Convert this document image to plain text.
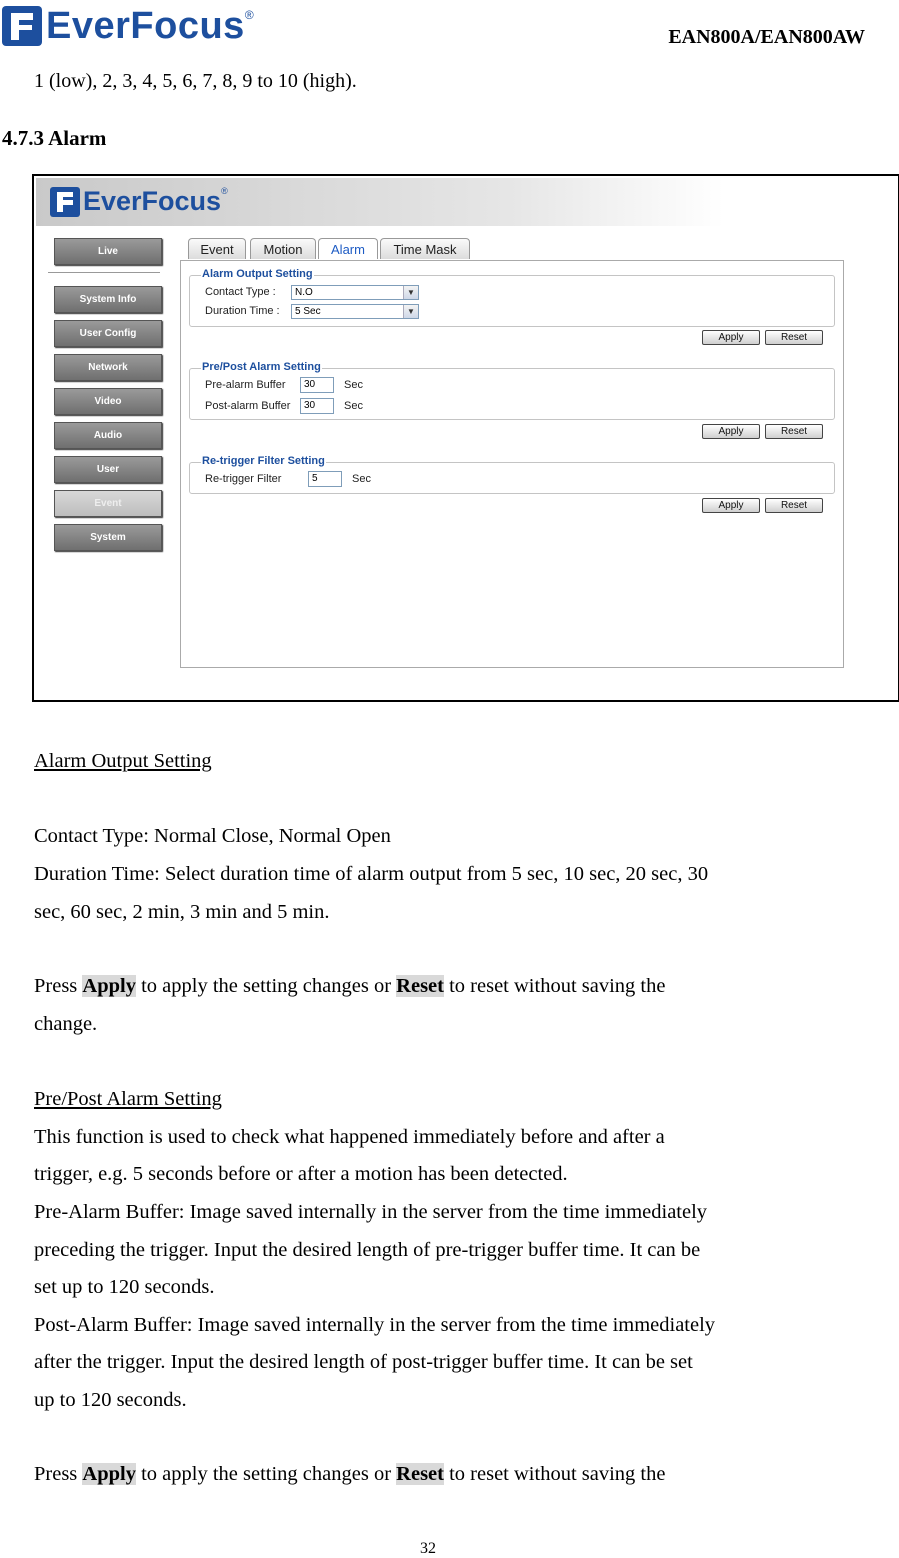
EverFocus ®
EAN800A/EAN800AW
1 (low), 2, 3, 4, 5, 6, 7, 8, 9 to 10 (high).
4.7.3 Alarm
EverFocus ®
Live
System Info
User Config
Network
Video
Audio
User
Event
System
Event	Motion	Alarm	Time Mask
Alarm Output Setting
Contact Type :	N.O	▼
Duration Time :	5 Sec	▼
Apply	Reset
Pre/Post Alarm Setting
Pre-alarm Buffer	30	Sec
Post-alarm Buffer	30	Sec
Apply	Reset
Re-trigger Filter Setting
Re-trigger Filter	5	Sec
Apply	Reset
Alarm Output Setting
Contact Type: Normal Close, Normal Open
Duration Time: Select duration time of alarm output from 5 sec, 10 sec, 20 sec, 30
sec, 60 sec, 2 min, 3 min and 5 min.
Press Apply to apply the setting changes or Reset to reset without saving the
change.
Pre/Post Alarm Setting
This function is used to check what happened immediately before and after a
trigger, e.g. 5 seconds before or after a motion has been detected.
Pre-Alarm Buffer: Image saved internally in the server from the time immediately
preceding the trigger. Input the desired length of pre-trigger buffer time. It can be
set up to 120 seconds.
Post-Alarm Buffer: Image saved internally in the server from the time immediately
after the trigger. Input the desired length of post-trigger buffer time. It can be set
up to 120 seconds.
Press Apply to apply the setting changes or Reset to reset without saving the
32
